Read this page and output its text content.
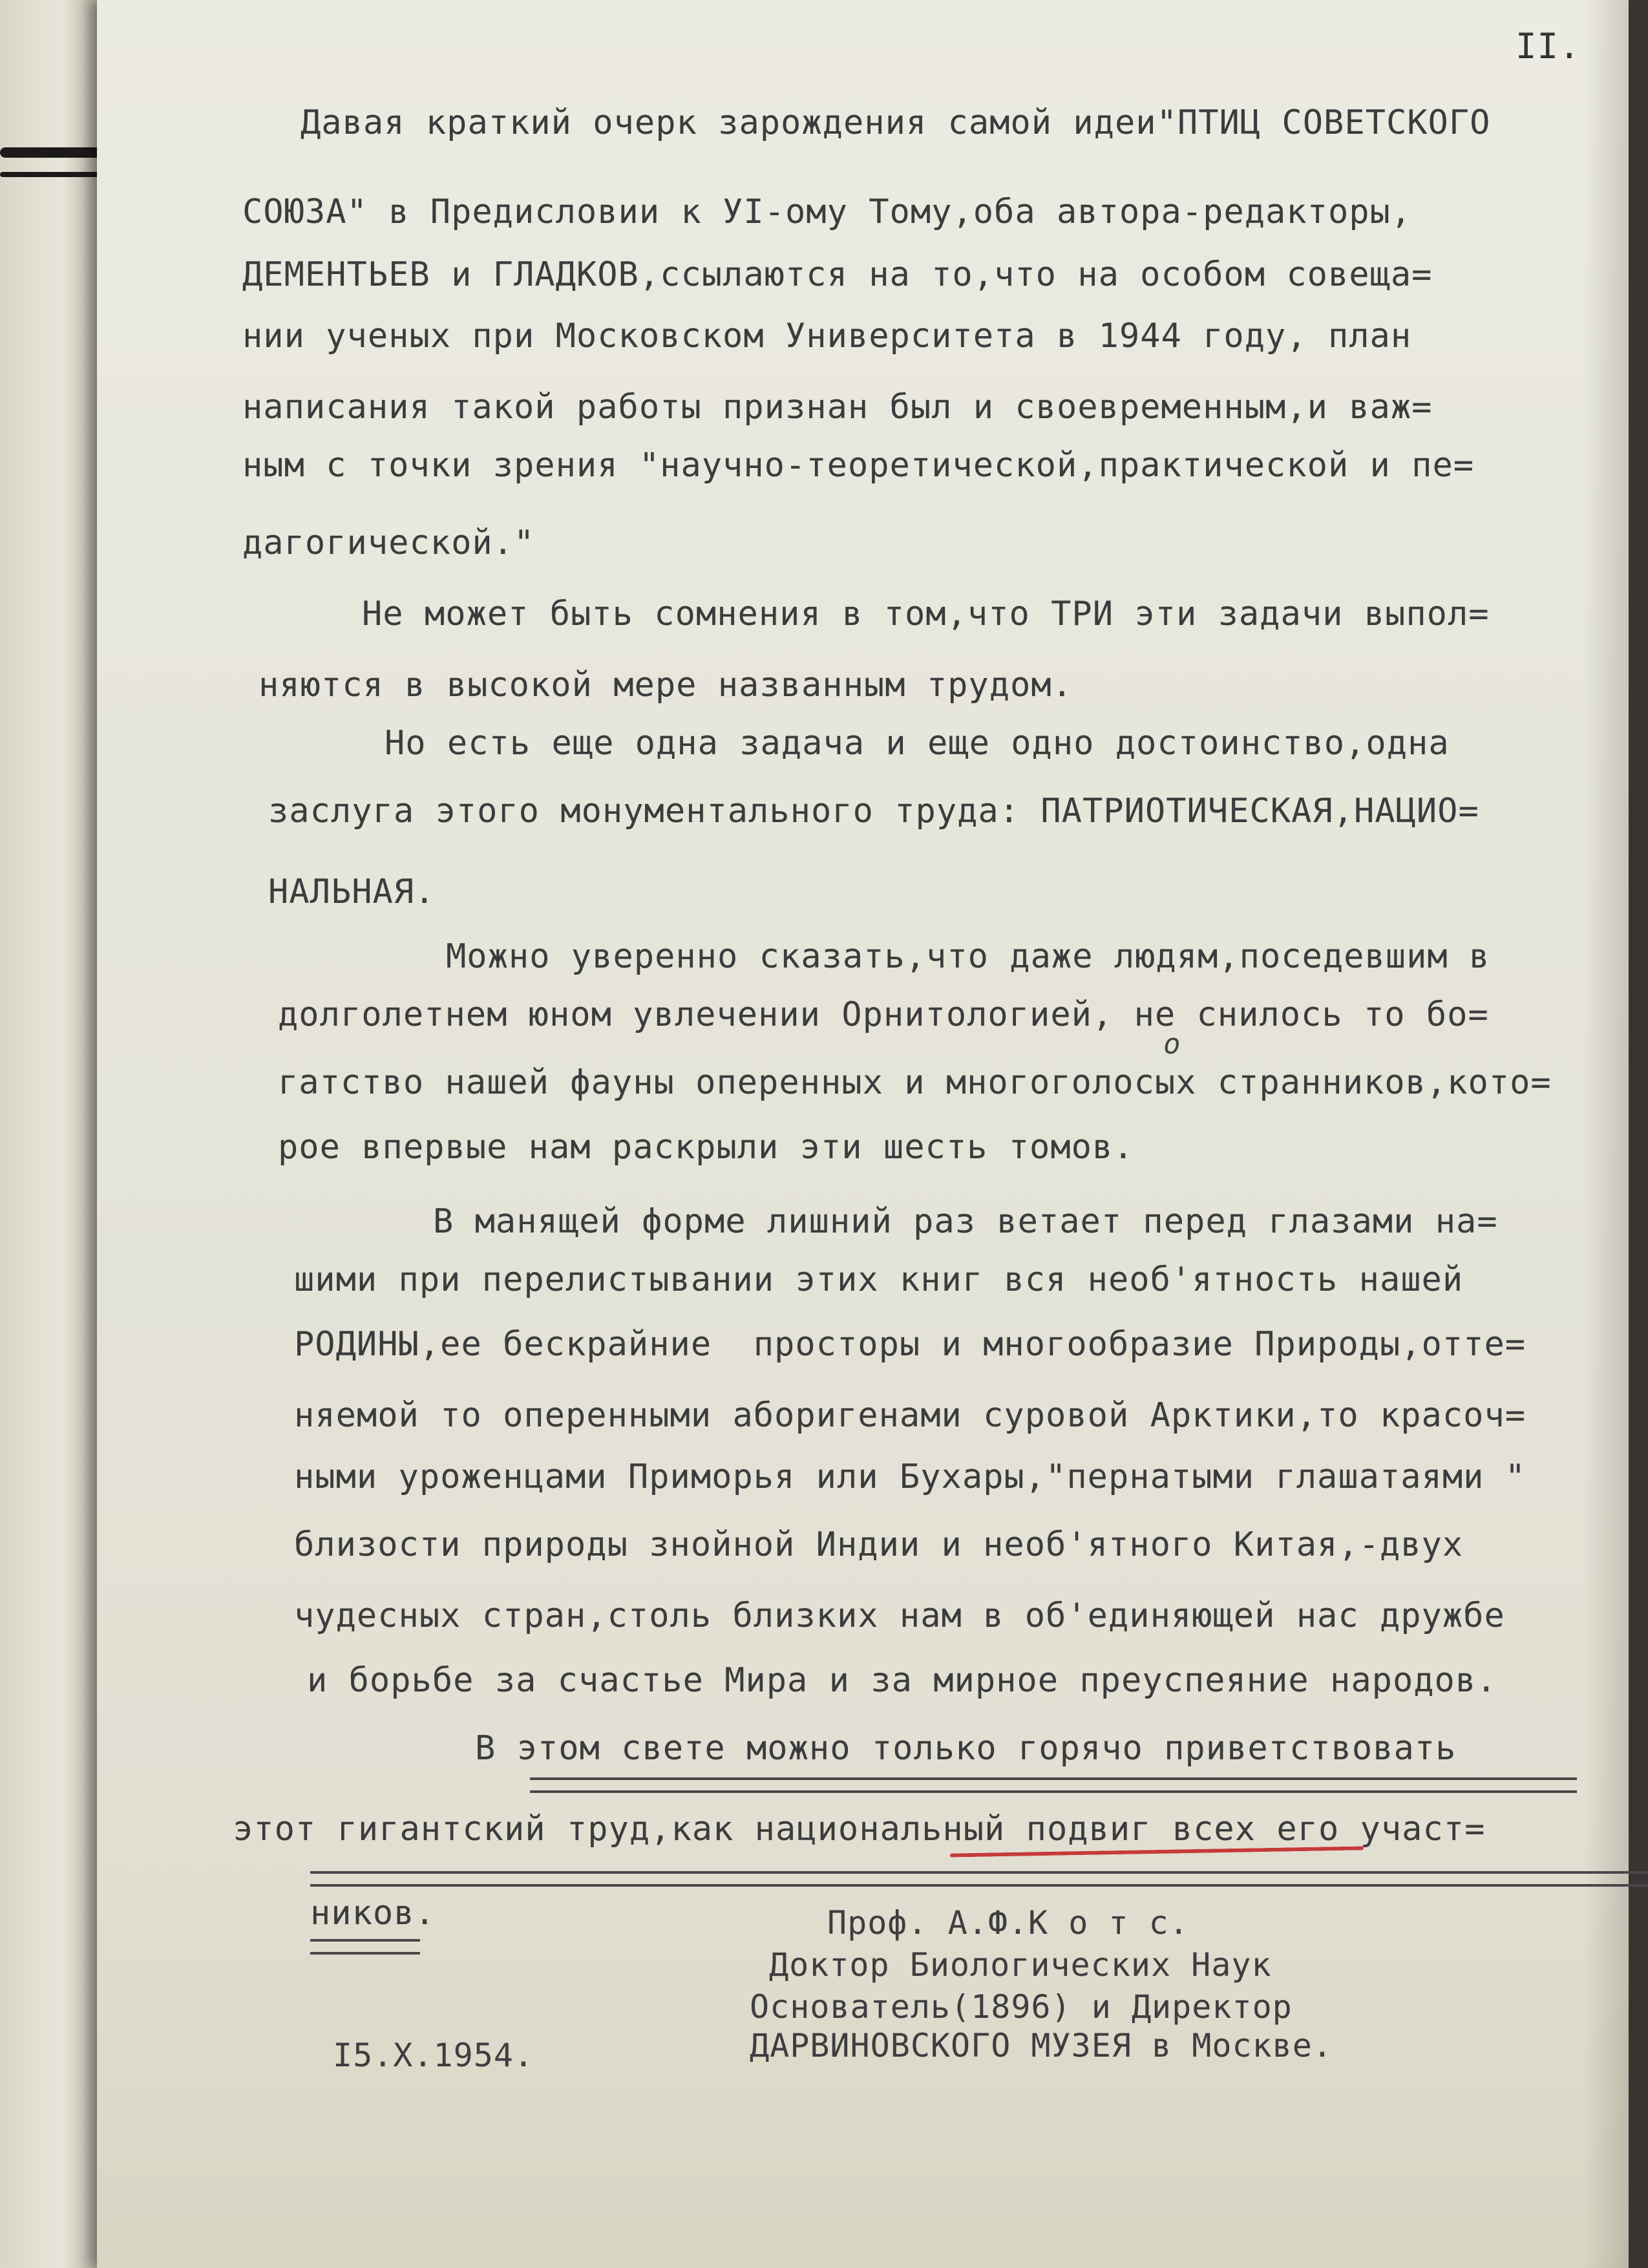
II.
Давая краткий очерк зарождения самой идеи"ПТИЦ СОВЕТСКОГО
СОЮЗА" в Предисловии к УI-ому Тому,оба автора-редакторы,
ДЕМЕНТЬЕВ и ГЛАДКОВ,ссылаются на то,что на особом совеща=
нии ученых при Московском Университета в 1944 году, план
написания такой работы признан был и своевременным,и важ=
ным с точки зрения "научно-теоретической,практической и пе=
дагогической."
Не может быть сомнения в том,что ТРИ эти задачи выпол=
няются в высокой мере названным трудом.
Но есть еще одна задача и еще одно достоинство,одна
заслуга этого монументального труда: ПАТРИОТИЧЕСКАЯ,НАЦИО=
НАЛЬНАЯ.
Можно уверенно сказать,что даже людям,поседевшим в
долголетнем юном увлечении Орнитологией, не снилось то бо=
o
гатство нашей фауны оперенных и многоголосых странников,кото=
рое впервые нам раскрыли эти шесть томов.
В манящей форме лишний раз ветает перед глазами на=
шими при перелистывании этих книг вся необ'ятность нашей
РОДИНЫ,ее бескрайние  просторы и многообразие Природы,отте=
няемой то оперенными аборигенами суровой Арктики,то красоч=
ными уроженцами Приморья или Бухары,"пернатыми глашатаями "
близости природы знойной Индии и необ'ятного Китая,-двух
чудесных стран,столь близких нам в об'единяющей нас дружбе
и борьбе за счастье Мира и за мирное преуспеяние народов.
В этом свете можно только горячо приветствовать
этот гигантский труд,как национальный подвиг всех его участ=
ников.	Проф. А.Ф.К о т с.
Доктор Биологических Наук
Основатель(1896) и Директор
ДАРВИНОВСКОГО МУЗЕЯ в Москве.
I5.X.1954.
